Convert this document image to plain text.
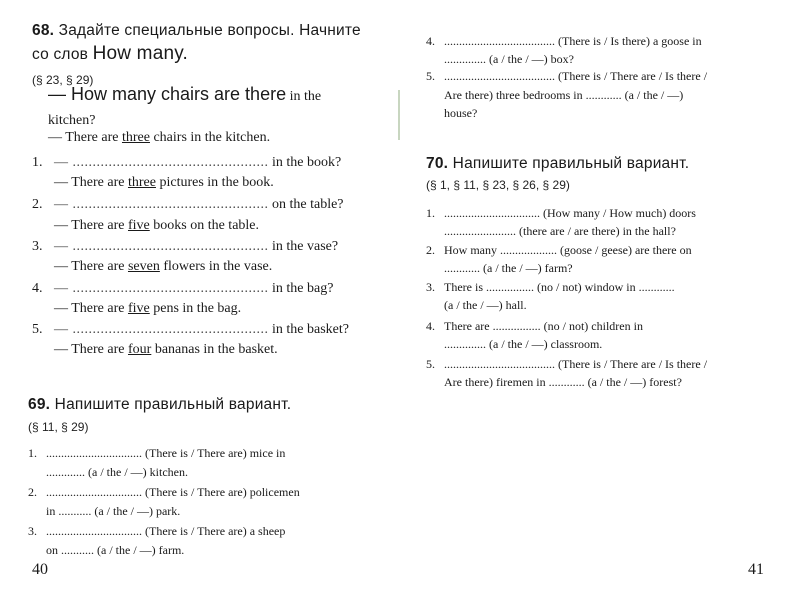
68. Задайте специальные вопросы. Начните
со слов How many.
(§ 23, § 29)
— How many chairs are there in the
kitchen?
— There are three chairs in the kitchen.
1. — ................................................. in the book?
— There are three pictures in the book.
2. — ................................................. on the table?
— There are five books on the table.
3. — ................................................. in the vase?
— There are seven flowers in the vase.
4. — ................................................. in the bag?
— There are five pens in the bag.
5. — ................................................. in the basket?
— There are four bananas in the basket.
69. Напишите правильный вариант.
(§ 11, § 29)
1. ................................ (There is / There are) mice in
............. (a / the / —) kitchen.
2. ................................ (There is / There are) policemen
in ........... (a / the / —) park.
3. ................................ (There is / There are) a sheep
on ........... (a / the / —) farm.
40
4. ..................................... (There is / Is there) a goose in
.............. (a / the / —) box?
5. ..................................... (There is / There are / Is there /
Are there) three bedrooms in ............ (a / the / —)
house?
70. Напишите правильный вариант.
(§ 1, § 11, § 23, § 26, § 29)
1. ................................ (How many / How much) doors
........................ (there are / are there) in the hall?
2. How many ................... (goose / geese) are there on
............ (a / the / —) farm?
3. There is ................ (no / not) window in ............
(a / the / —) hall.
4. There are ................ (no / not) children in
.............. (a / the / —) classroom.
5. ..................................... (There is / There are / Is there /
Are there) firemen in ............ (a / the / —) forest?
41
